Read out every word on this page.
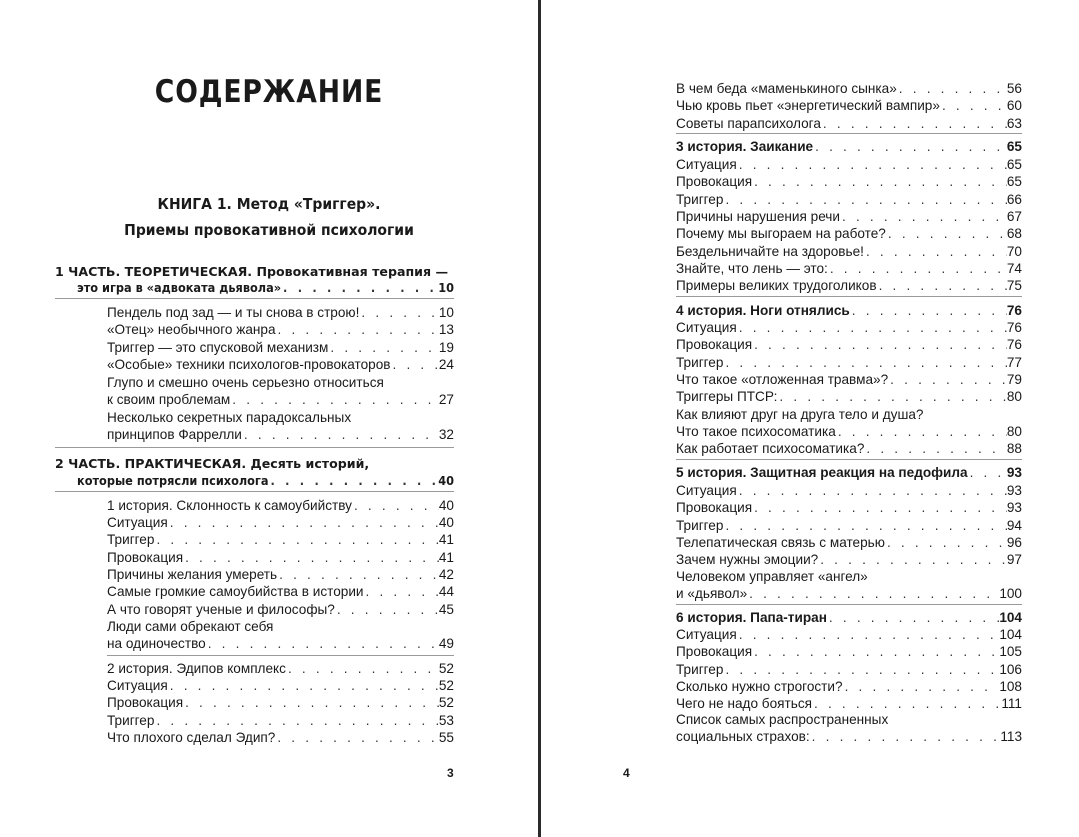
СОДЕРЖАНИЕ
КНИГА 1. Метод «Триггер».
Приемы провокативной психологии
1 ЧАСТЬ. ТЕОРЕТИЧЕСКАЯ. Провокативная терапия —
это игра в «адвоката дьявола» . . .	10
Пендель под зад — и ты снова в строю! . . .	10
«Отец» необычного жанра . . .	13
Триггер — это спусковой механизм . . .	19
«Особые» техники психологов-провокаторов . . .	24
Глупо и смешно очень серьезно относиться
к своим проблемам . . .	27
Несколько секретных парадоксальных
принципов Фаррелли . . .	32
2 ЧАСТЬ. ПРАКТИЧЕСКАЯ. Десять историй,
которые потрясли психолога . . .	40
1 история. Склонность к самоубийству . . .	40
Ситуация . . .	40
Триггер . . .	41
Провокация . . .	41
Причины желания умереть . . .	42
Самые громкие самоубийства в истории . . .	44
А что говорят ученые и философы? . . .	45
Люди сами обрекают себя
на одиночество . . .	49
2 история. Эдипов комплекс . . .	52
Ситуация . . .	52
Провокация . . .	52
Триггер . . .	53
Что плохого сделал Эдип? . . .	55
3
В чем беда «маменькиного сынка» . . .	56
Чью кровь пьет «энергетический вампир» . . .	60
Советы парапсихолога . . .	63
3 история. Заикание . . .	65
Ситуация . . .	65
Провокация . . .	65
Триггер . . .	66
Причины нарушения речи . . .	67
Почему мы выгораем на работе? . . .	68
Бездельничайте на здоровье! . . .	70
Знайте, что лень — это: . . .	74
Примеры великих трудоголиков . . .	75
4 история. Ноги отнялись . . .	76
Ситуация . . .	76
Провокация . . .	76
Триггер . . .	77
Что такое «отложенная травма»? . . .	79
Триггеры ПТСР: . . .	80
Как влияют друг на друга тело и душа?
Что такое психосоматика . . .	80
Как работает психосоматика? . . .	88
5 история. Защитная реакция на педофила . . .	93
Ситуация . . .	93
Провокация . . .	93
Триггер . . .	94
Телепатическая связь с матерью . . .	96
Зачем нужны эмоции? . . .	97
Человеком управляет «ангел»
и «дьявол» . . .	100
6 история. Папа-тиран . . .	104
Ситуация . . .	104
Провокация . . .	105
Триггер . . .	106
Сколько нужно строгости? . . .	108
Чего не надо бояться . . .	111
Список самых распространенных
социальных страхов: . . .	113
4
